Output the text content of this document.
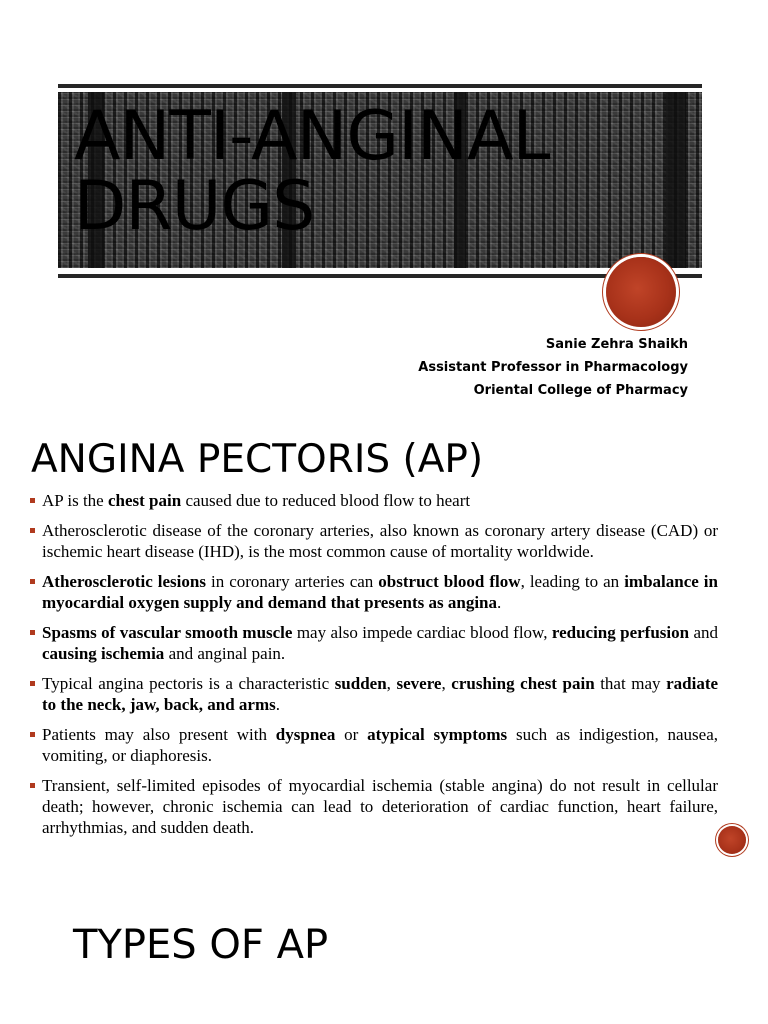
ANTI-ANGINAL
DRUGS
Sanie Zehra Shaikh
Assistant Professor in Pharmacology
Oriental College of Pharmacy
ANGINA PECTORIS (AP)
AP is the chest pain caused due to reduced blood flow to heart
Atherosclerotic disease of the coronary arteries, also known as coronary artery disease (CAD) or ischemic heart disease (IHD), is the most common cause of mortality worldwide.
Atherosclerotic lesions in coronary arteries can obstruct blood flow, leading to an imbalance in myocardial oxygen supply and demand that presents as angina.
Spasms of vascular smooth muscle may also impede cardiac blood flow, reducing perfusion and causing ischemia and anginal pain.
Typical angina pectoris is a characteristic sudden, severe, crushing chest pain that may radiate to the neck, jaw, back, and arms.
Patients may also present with dyspnea or atypical symptoms such as indigestion, nausea, vomiting, or diaphoresis.
Transient, self-limited episodes of myocardial ischemia (stable angina) do not result in cellular death; however, chronic ischemia can lead to deterioration of cardiac function, heart failure, arrhythmias, and sudden death.
TYPES OF AP
